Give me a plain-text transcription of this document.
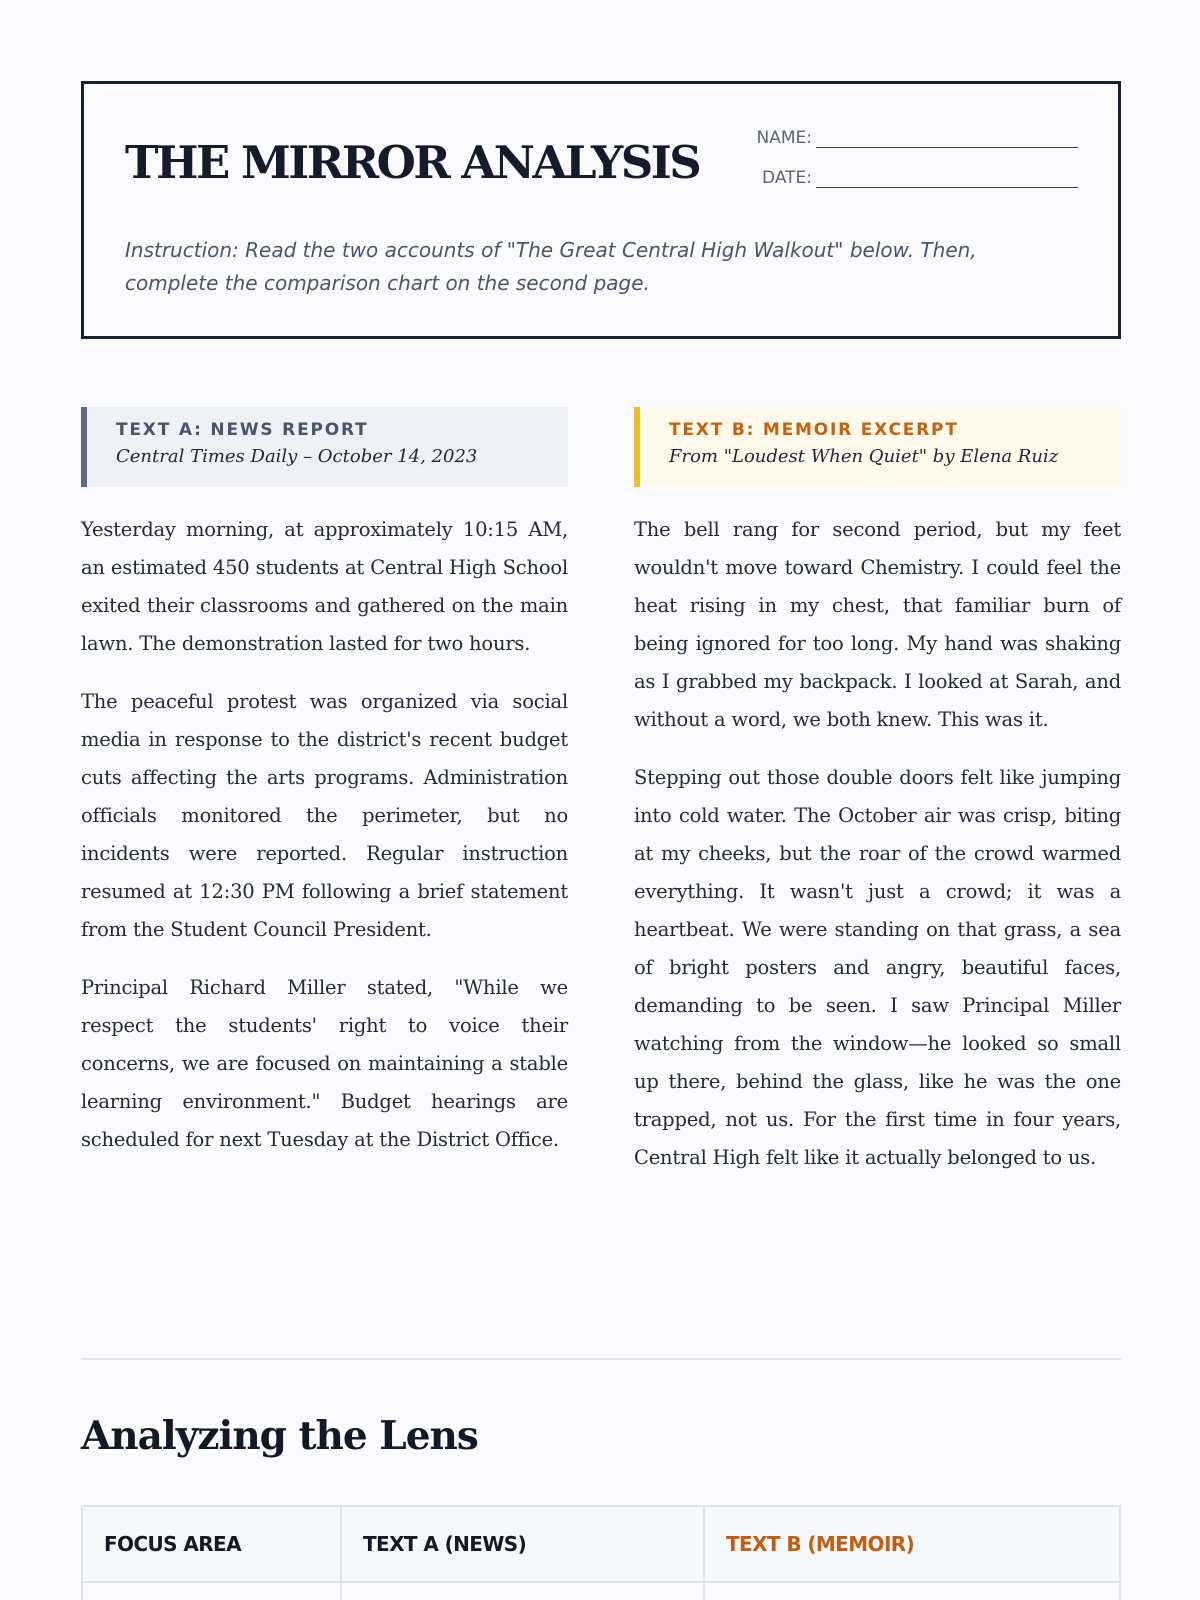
THE MIRROR ANALYSIS	NAME:
DATE:
Instruction: Read the two accounts of "The Great Central High Walkout" below. Then, complete the comparison chart on the second page.
TEXT A: NEWS REPORT
Central Times Daily – October 14, 2023

Yesterday morning, at approximately 10:15 AM, an estimated 450 students at Central High School exited their classrooms and gathered on the main lawn. The demonstration lasted for two hours.

The peaceful protest was organized via social media in response to the district's recent budget cuts affecting the arts programs. Administration officials monitored the perimeter, but no incidents were reported. Regular instruction resumed at 12:30 PM following a brief statement from the Student Council President.

Principal Richard Miller stated, "While we respect the students' right to voice their concerns, we are focused on maintaining a stable learning environment." Budget hearings are scheduled for next Tuesday at the District Office.

TEXT B: MEMOIR EXCERPT
From "Loudest When Quiet" by Elena Ruiz

The bell rang for second period, but my feet wouldn't move toward Chemistry. I could feel the heat rising in my chest, that familiar burn of being ignored for too long. My hand was shaking as I grabbed my backpack. I looked at Sarah, and without a word, we both knew. This was it.

Stepping out those double doors felt like jumping into cold water. The October air was crisp, biting at my cheeks, but the roar of the crowd warmed everything. It wasn't just a crowd; it was a heartbeat. We were standing on that grass, a sea of bright posters and angry, beautiful faces, demanding to be seen. I saw Principal Miller watching from the window—he looked so small up there, behind the glass, like he was the one trapped, not us. For the first time in four years, Central High felt like it actually belonged to us.

Analyzing the Lens
FOCUS AREA	TEXT A (NEWS)	TEXT B (MEMOIR)
